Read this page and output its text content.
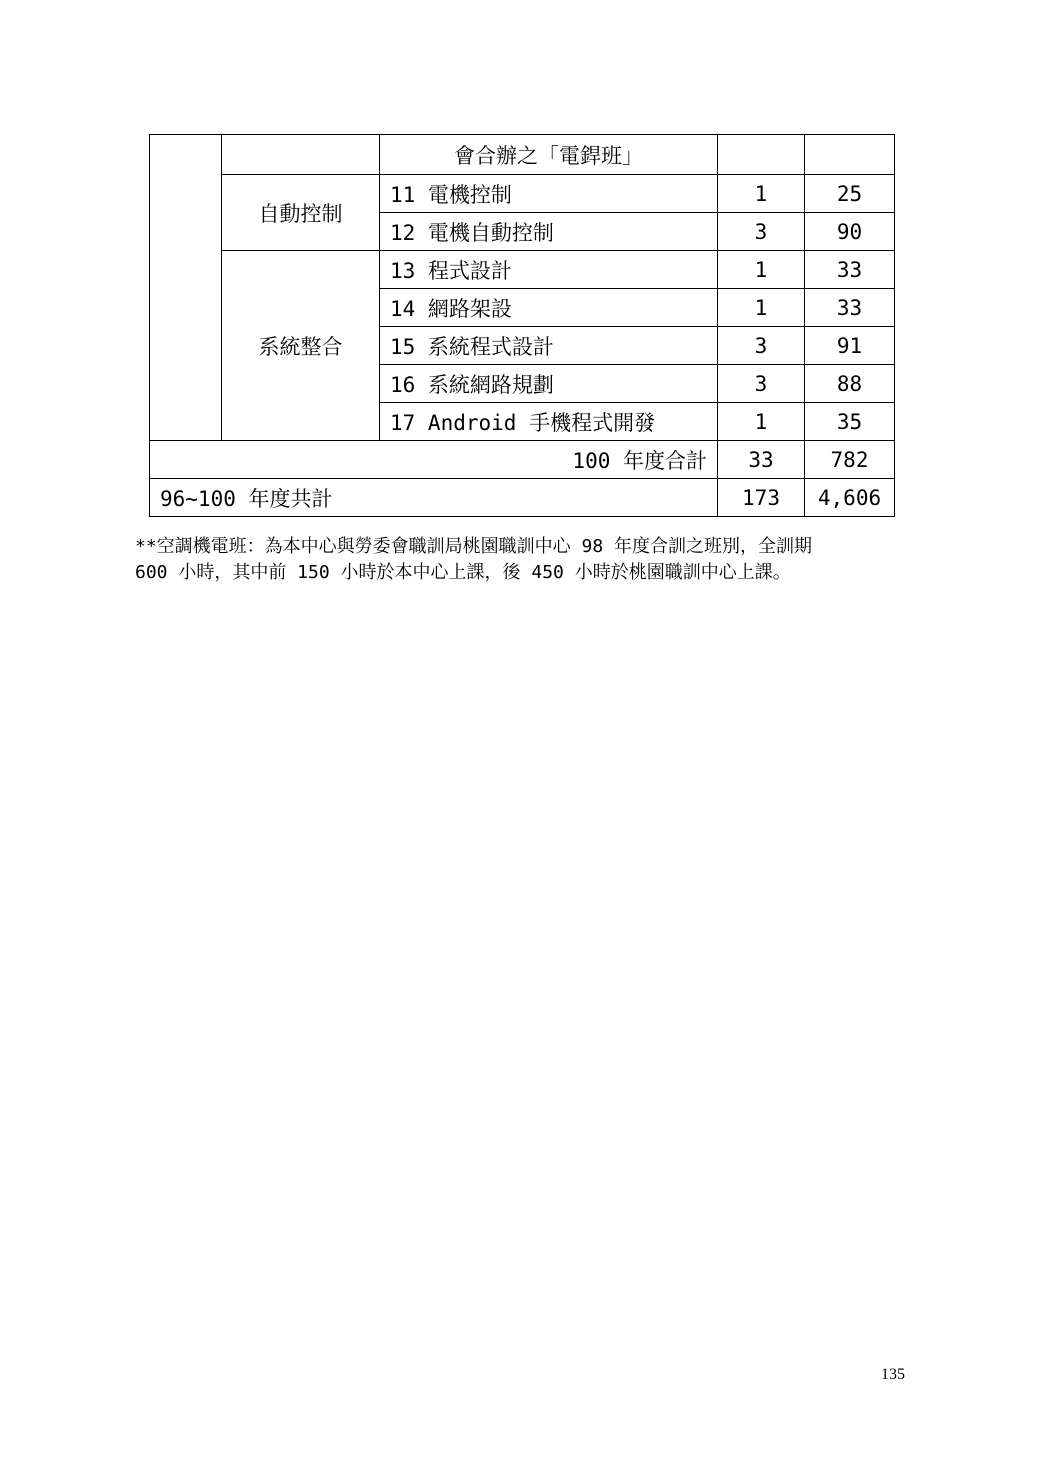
		會合辦之「電銲班」		
	自動控制	11 電機控制	1	25
		12 電機自動控制	3	90
	系統整合	13 程式設計	1	33
		14 網路架設	1	33
		15 系統程式設計	3	91
		16 系統網路規劃	3	88
		17 Android 手機程式開發	1	35
100 年度合計			33	782
96~100 年度共計			173	4,606
**空調機電班：為本中心與勞委會職訓局桃園職訓中心 98 年度合訓之班別，全訓期
600 小時，其中前 150 小時於本中心上課，後 450 小時於桃園職訓中心上課。
135
